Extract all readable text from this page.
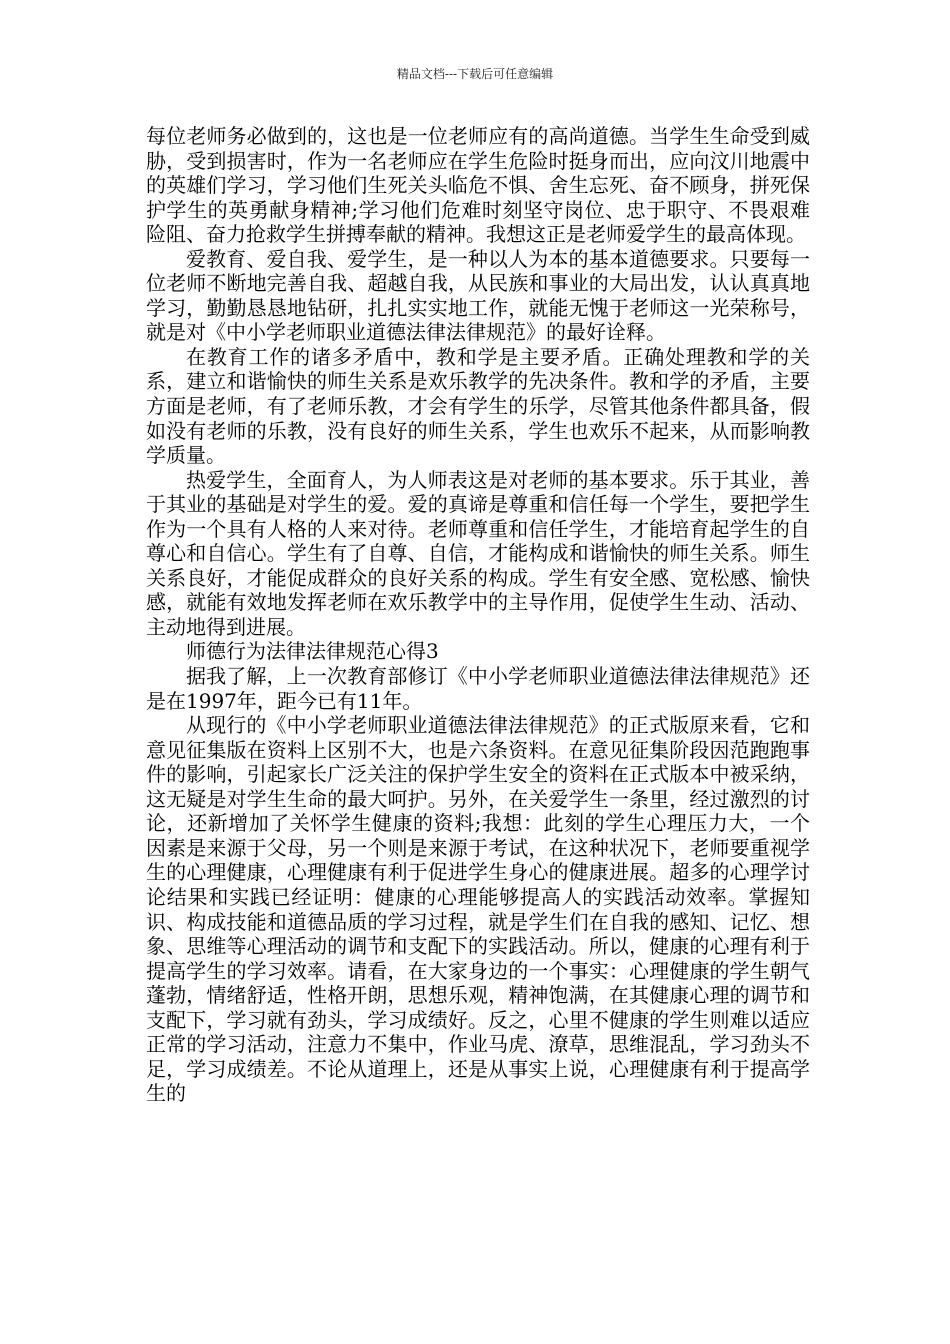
精品文档---下载后可任意编辑

每位老师务必做到的，这也是一位老师应有的高尚道德。当学生生命受到威胁，受到损害时，作为一名老师应在学生危险时挺身而出，应向汶川地震中的英雄们学习，学习他们生死关头临危不惧、舍生忘死、奋不顾身，拼死保护学生的英勇献身精神;学习他们危难时刻坚守岗位、忠于职守、不畏艰难险阻、奋力抢救学生拼搏奉献的精神。我想这正是老师爱学生的最高体现。

爱教育、爱自我、爱学生，是一种以人为本的基本道德要求。只要每一位老师不断地完善自我、超越自我，从民族和事业的大局出发，认认真真地学习，勤勤恳恳地钻研，扎扎实实地工作，就能无愧于老师这一光荣称号，就是对《中小学老师职业道德法律法律规范》的最好诠释。

在教育工作的诸多矛盾中，教和学是主要矛盾。正确处理教和学的关系，建立和谐愉快的师生关系是欢乐教学的先决条件。教和学的矛盾，主要方面是老师，有了老师乐教，才会有学生的乐学，尽管其他条件都具备，假如没有老师的乐教，没有良好的师生关系，学生也欢乐不起来，从而影响教学质量。

热爱学生，全面育人，为人师表这是对老师的基本要求。乐于其业，善于其业的基础是对学生的爱。爱的真谛是尊重和信任每一个学生，要把学生作为一个具有人格的人来对待。老师尊重和信任学生，才能培育起学生的自尊心和自信心。学生有了自尊、自信，才能构成和谐愉快的师生关系。师生关系良好，才能促成群众的良好关系的构成。学生有安全感、宽松感、愉快感，就能有效地发挥老师在欢乐教学中的主导作用，促使学生生动、活动、主动地得到进展。

师德行为法律法律规范心得3

据我了解，上一次教育部修订《中小学老师职业道德法律法律规范》还是在1997年，距今已有11年。

从现行的《中小学老师职业道德法律法律规范》的正式版原来看，它和意见征集版在资料上区别不大，也是六条资料。在意见征集阶段因范跑跑事件的影响，引起家长广泛关注的保护学生安全的资料在正式版本中被采纳，这无疑是对学生生命的最大呵护。另外，在关爱学生一条里，经过激烈的讨论，还新增加了关怀学生健康的资料;我想：此刻的学生心理压力大，一个因素是来源于父母，另一个则是来源于考试，在这种状况下，老师要重视学生的心理健康，心理健康有利于促进学生身心的健康进展。超多的心理学讨论结果和实践已经证明：健康的心理能够提高人的实践活动效率。掌握知识、构成技能和道德品质的学习过程，就是学生们在自我的感知、记忆、想象、思维等心理活动的调节和支配下的实践活动。所以，健康的心理有利于提高学生的学习效率。请看，在大家身边的一个事实：心理健康的学生朝气蓬勃，情绪舒适，性格开朗，思想乐观，精神饱满，在其健康心理的调节和支配下，学习就有劲头，学习成绩好。反之，心里不健康的学生则难以适应正常的学习活动，注意力不集中，作业马虎、潦草，思维混乱，学习劲头不足，学习成绩差。不论从道理上，还是从事实上说，心理健康有利于提高学生的
